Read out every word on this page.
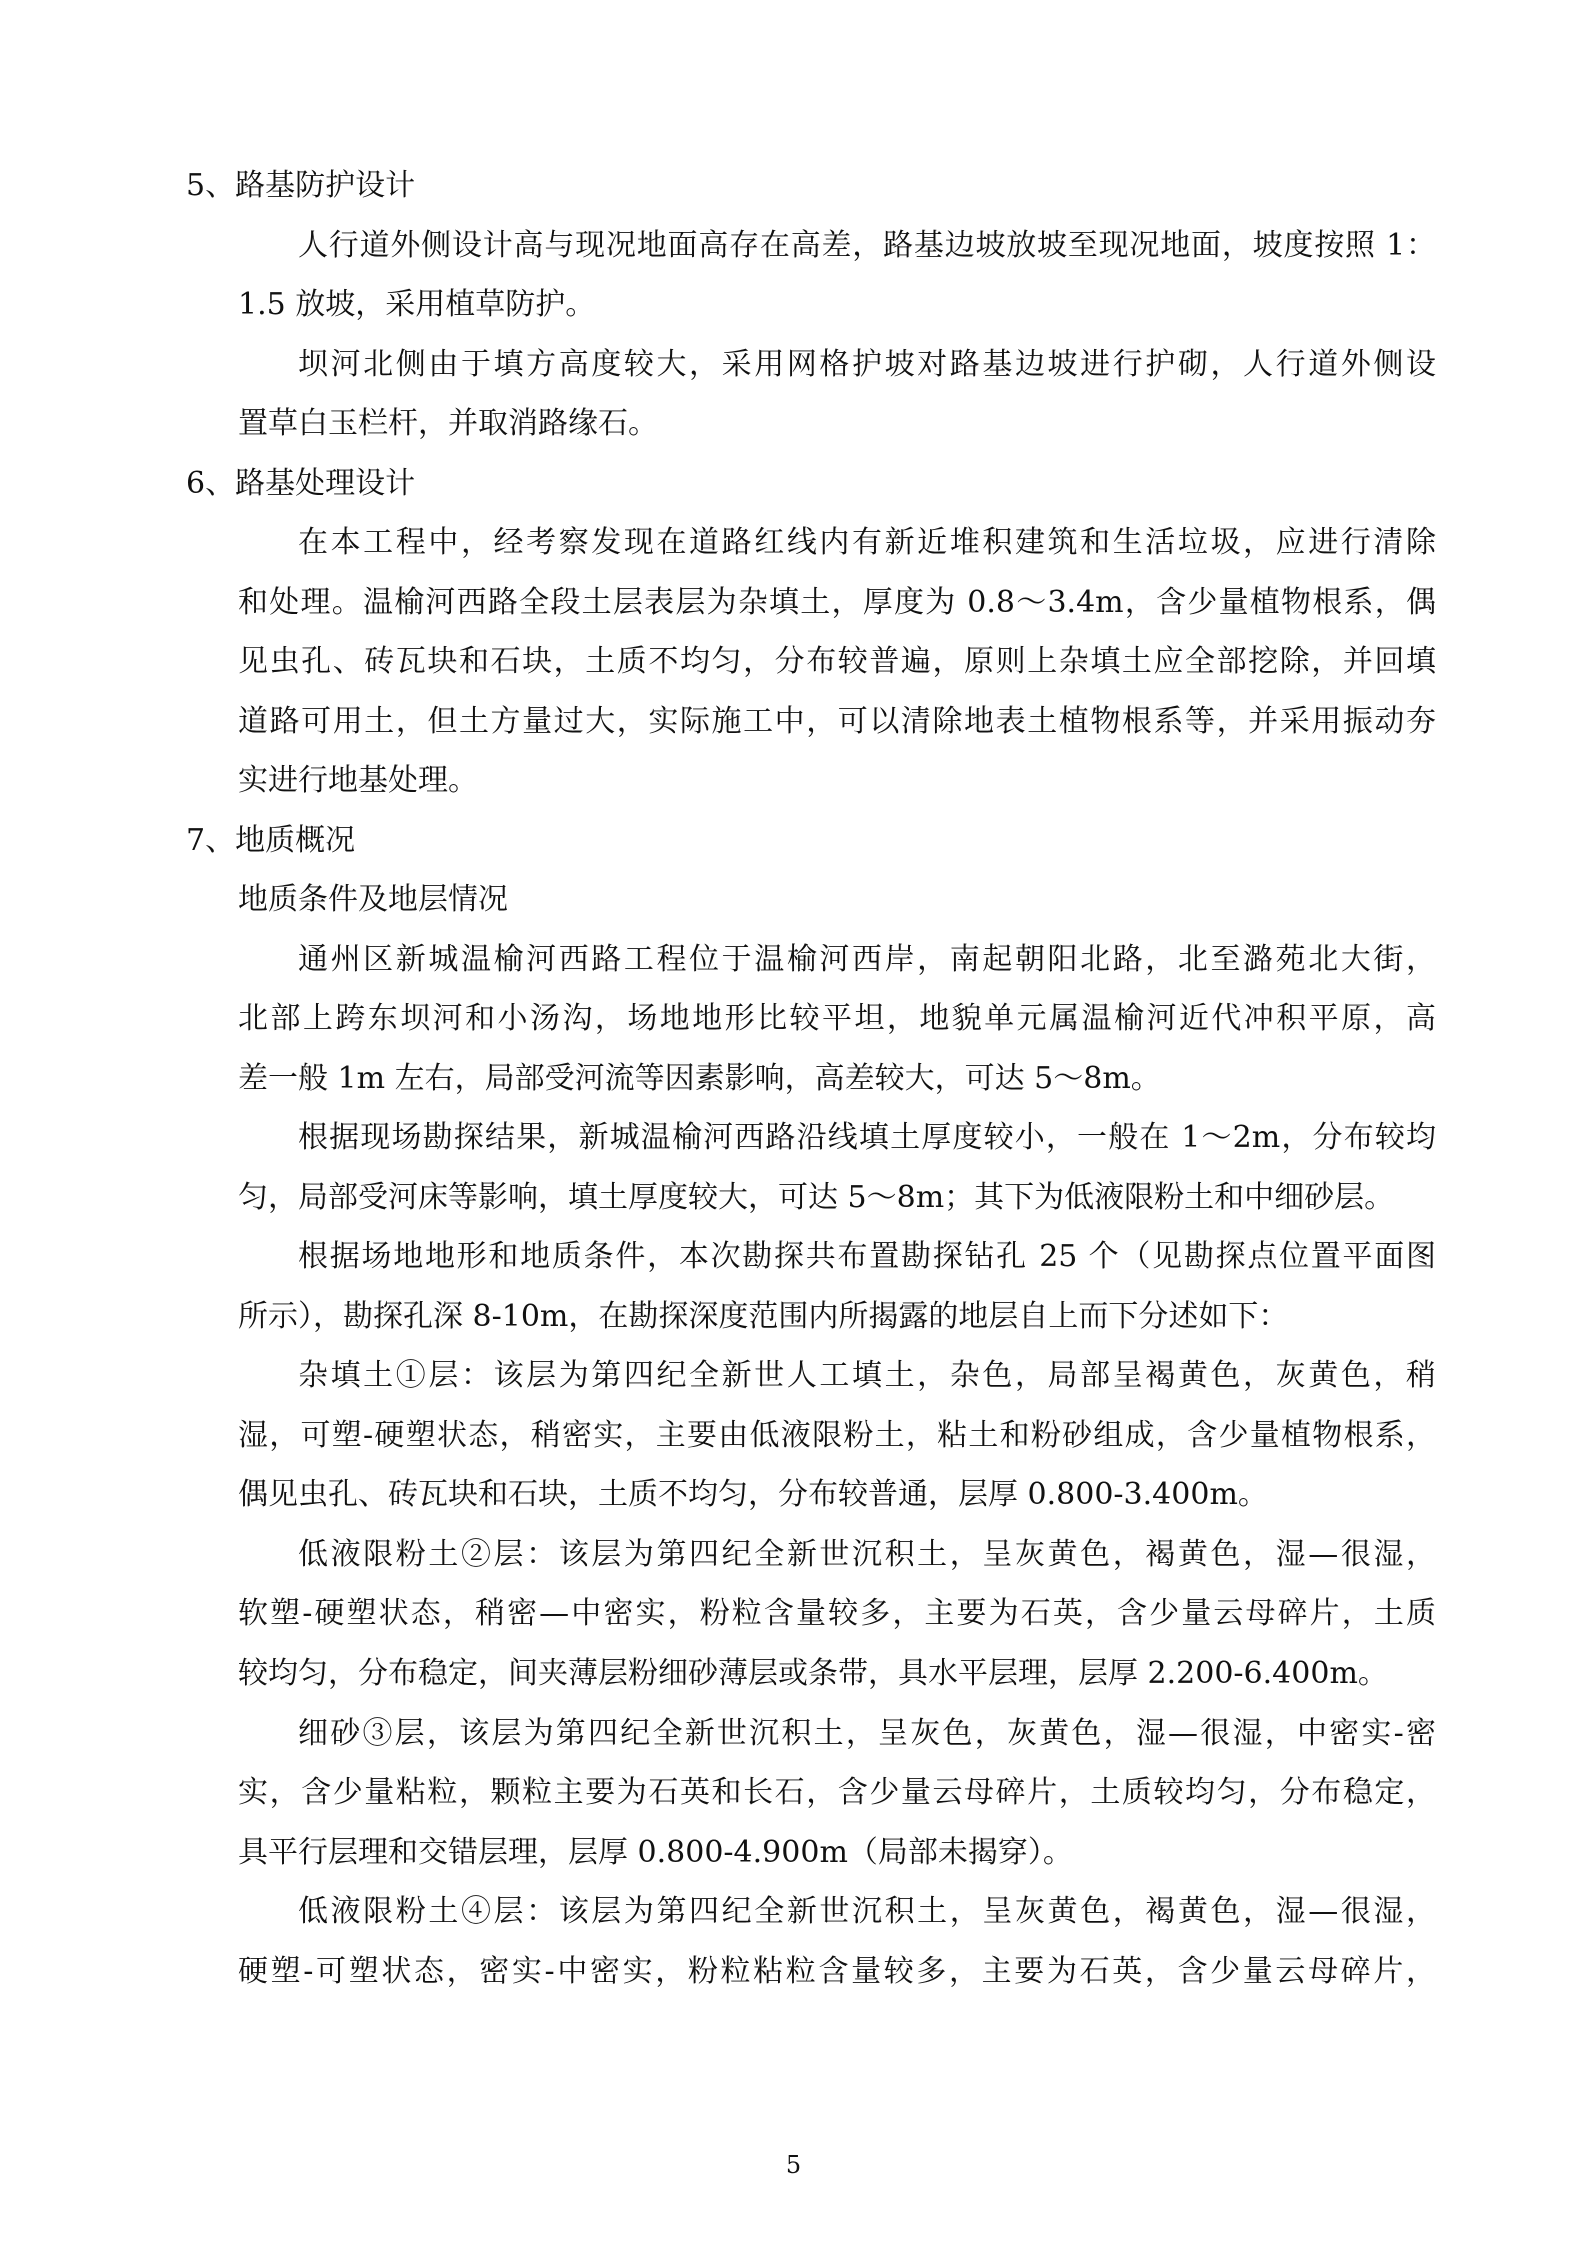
5、路基防护设计
人行道外侧设计高与现况地面高存在高差，路基边坡放坡至现况地面，坡度按照 1：
1.5 放坡，采用植草防护。
坝河北侧由于填方高度较大，采用网格护坡对路基边坡进行护砌，人行道外侧设
置草白玉栏杆，并取消路缘石。
6、路基处理设计
在本工程中，经考察发现在道路红线内有新近堆积建筑和生活垃圾，应进行清除
和处理。温榆河西路全段土层表层为杂填土，厚度为 0.8～3.4m，含少量植物根系，偶
见虫孔、砖瓦块和石块，土质不均匀，分布较普遍，原则上杂填土应全部挖除，并回填
道路可用土，但土方量过大，实际施工中，可以清除地表土植物根系等，并采用振动夯
实进行地基处理。
7、地质概况
地质条件及地层情况
通州区新城温榆河西路工程位于温榆河西岸，南起朝阳北路，北至潞苑北大街，
北部上跨东坝河和小汤沟，场地地形比较平坦，地貌单元属温榆河近代冲积平原，高
差一般 1m 左右，局部受河流等因素影响，高差较大，可达 5～8m。
根据现场勘探结果，新城温榆河西路沿线填土厚度较小，一般在 1～2m，分布较均
匀，局部受河床等影响，填土厚度较大，可达 5～8m；其下为低液限粉土和中细砂层。
根据场地地形和地质条件，本次勘探共布置勘探钻孔 25 个（见勘探点位置平面图
所示），勘探孔深 8-10m，在勘探深度范围内所揭露的地层自上而下分述如下：
杂填土①层：该层为第四纪全新世人工填土，杂色，局部呈褐黄色，灰黄色，稍
湿，可塑-硬塑状态，稍密实，主要由低液限粉土，粘土和粉砂组成，含少量植物根系，
偶见虫孔、砖瓦块和石块，土质不均匀，分布较普通，层厚 0.800-3.400m。
低液限粉土②层：该层为第四纪全新世沉积土，呈灰黄色，褐黄色，湿—很湿，
软塑-硬塑状态，稍密—中密实，粉粒含量较多，主要为石英，含少量云母碎片，土质
较均匀，分布稳定，间夹薄层粉细砂薄层或条带，具水平层理，层厚 2.200-6.400m。
细砂③层，该层为第四纪全新世沉积土，呈灰色，灰黄色，湿—很湿，中密实-密
实，含少量粘粒，颗粒主要为石英和长石，含少量云母碎片，土质较均匀，分布稳定，
具平行层理和交错层理，层厚 0.800-4.900m（局部未揭穿）。
低液限粉土④层：该层为第四纪全新世沉积土，呈灰黄色，褐黄色，湿—很湿，
硬塑-可塑状态，密实-中密实，粉粒粘粒含量较多，主要为石英，含少量云母碎片，
5
